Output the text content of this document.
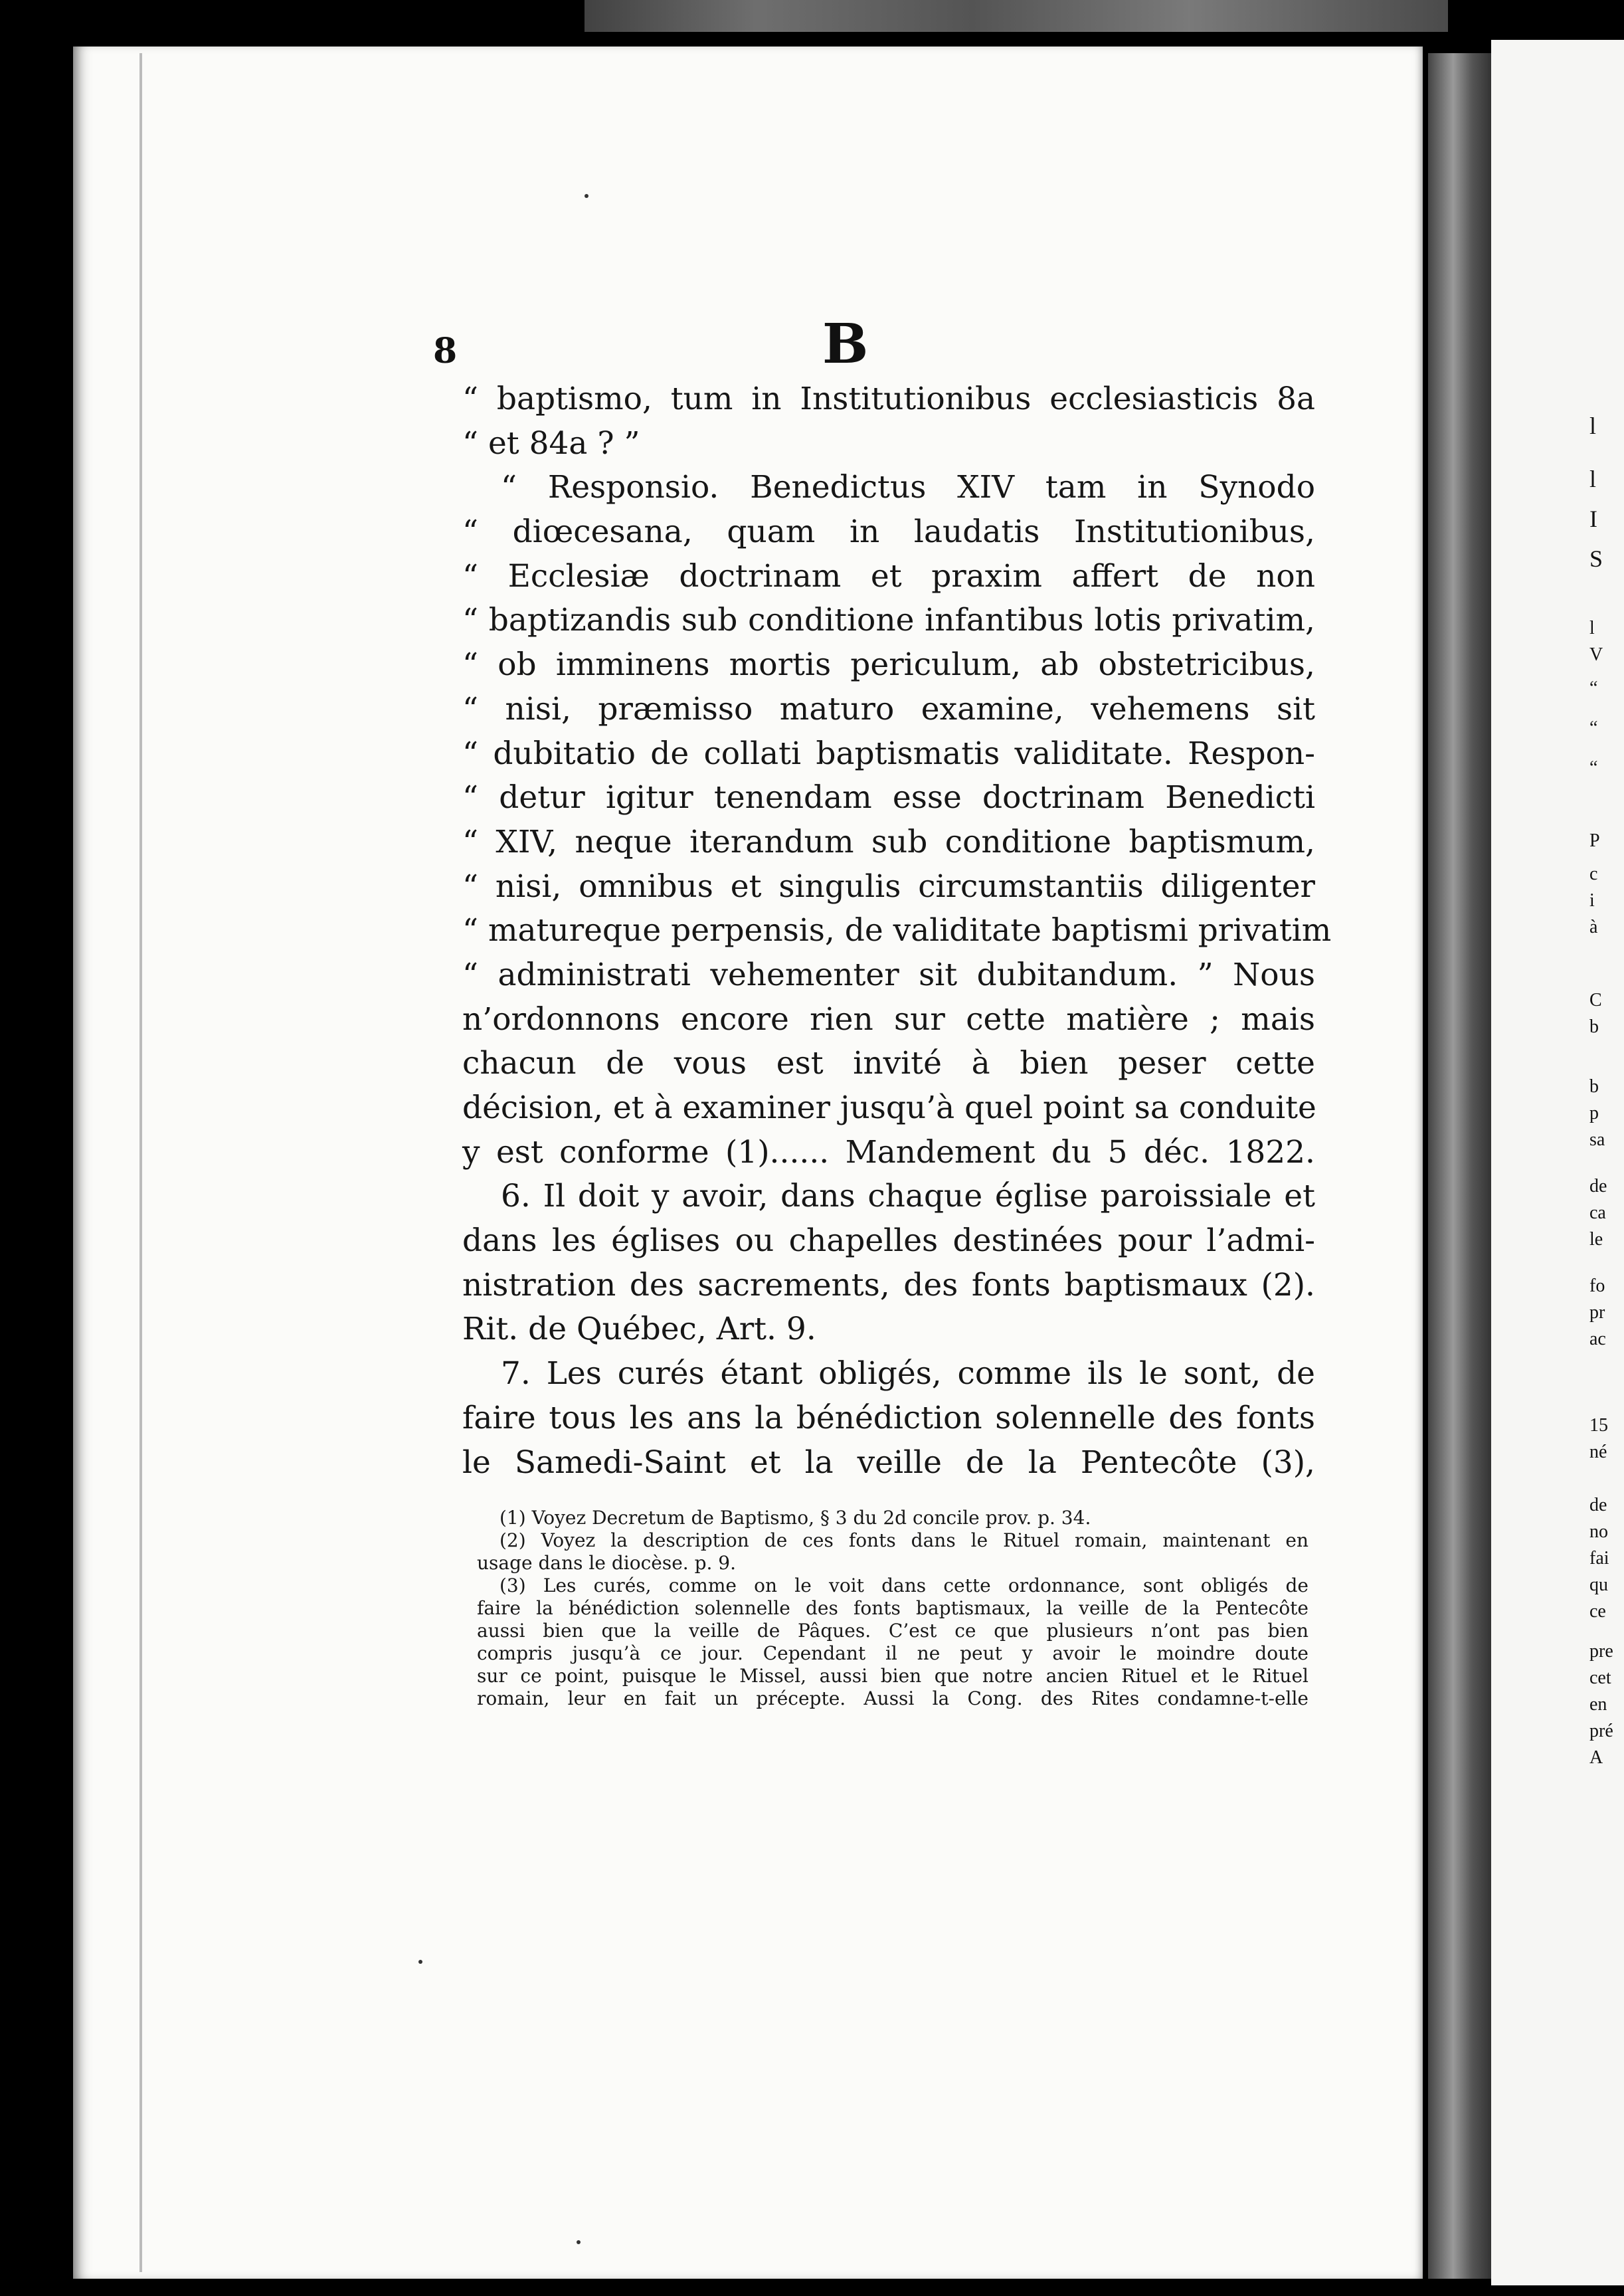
l
l
I
S
l
V
“
“
“
P
c
i
à
C
b
b
p
sa
de
ca
le
fo
pr
ac
15
né
de
no
fai
qu
ce
pre
cet
en
pré
A
8	B
“ baptismo, tum in Institutionibus ecclesiasticis 8a
“ et 84a ? ”
“ Responsio. Benedictus XIV tam in Synodo
“ diœcesana, quam in laudatis Institutionibus,
“ Ecclesiæ doctrinam et praxim affert de non
“ baptizandis sub conditione infantibus lotis privatim,
“ ob imminens mortis periculum, ab obstetricibus,
“ nisi, præmisso maturo examine, vehemens sit
“ dubitatio de collati baptismatis validitate. Respon-
“ detur igitur tenendam esse doctrinam Benedicti
“ XIV, neque iterandum sub conditione baptismum,
“ nisi, omnibus et singulis circumstantiis diligenter
“ matureque perpensis, de validitate baptismi privatim
“ administrati vehementer sit dubitandum. ” Nous
n’ordonnons encore rien sur cette matière ; mais
chacun de vous est invité à bien peser cette
décision, et à examiner jusqu’à quel point sa conduite
y est conforme (1)...... Mandement du 5 déc. 1822.
6. Il doit y avoir, dans chaque église paroissiale et
dans les églises ou chapelles destinées pour l’admi-
nistration des sacrements, des fonts baptismaux (2).
Rit. de Québec, Art. 9.
7. Les curés étant obligés, comme ils le sont, de
faire tous les ans la bénédiction solennelle des fonts
le Samedi-Saint et la veille de la Pentecôte (3),
(1) Voyez Decretum de Baptismo, § 3 du 2d concile prov. p. 34.
(2) Voyez la description de ces fonts dans le Rituel romain, maintenant en
usage dans le diocèse. p. 9.
(3) Les curés, comme on le voit dans cette ordonnance, sont obligés de
faire la bénédiction solennelle des fonts baptismaux, la veille de la Pentecôte
aussi bien que la veille de Pâques. C’est ce que plusieurs n’ont pas bien
compris jusqu’à ce jour. Cependant il ne peut y avoir le moindre doute
sur ce point, puisque le Missel, aussi bien que notre ancien Rituel et le Rituel
romain, leur en fait un précepte. Aussi la Cong. des Rites condamne-t-elle
